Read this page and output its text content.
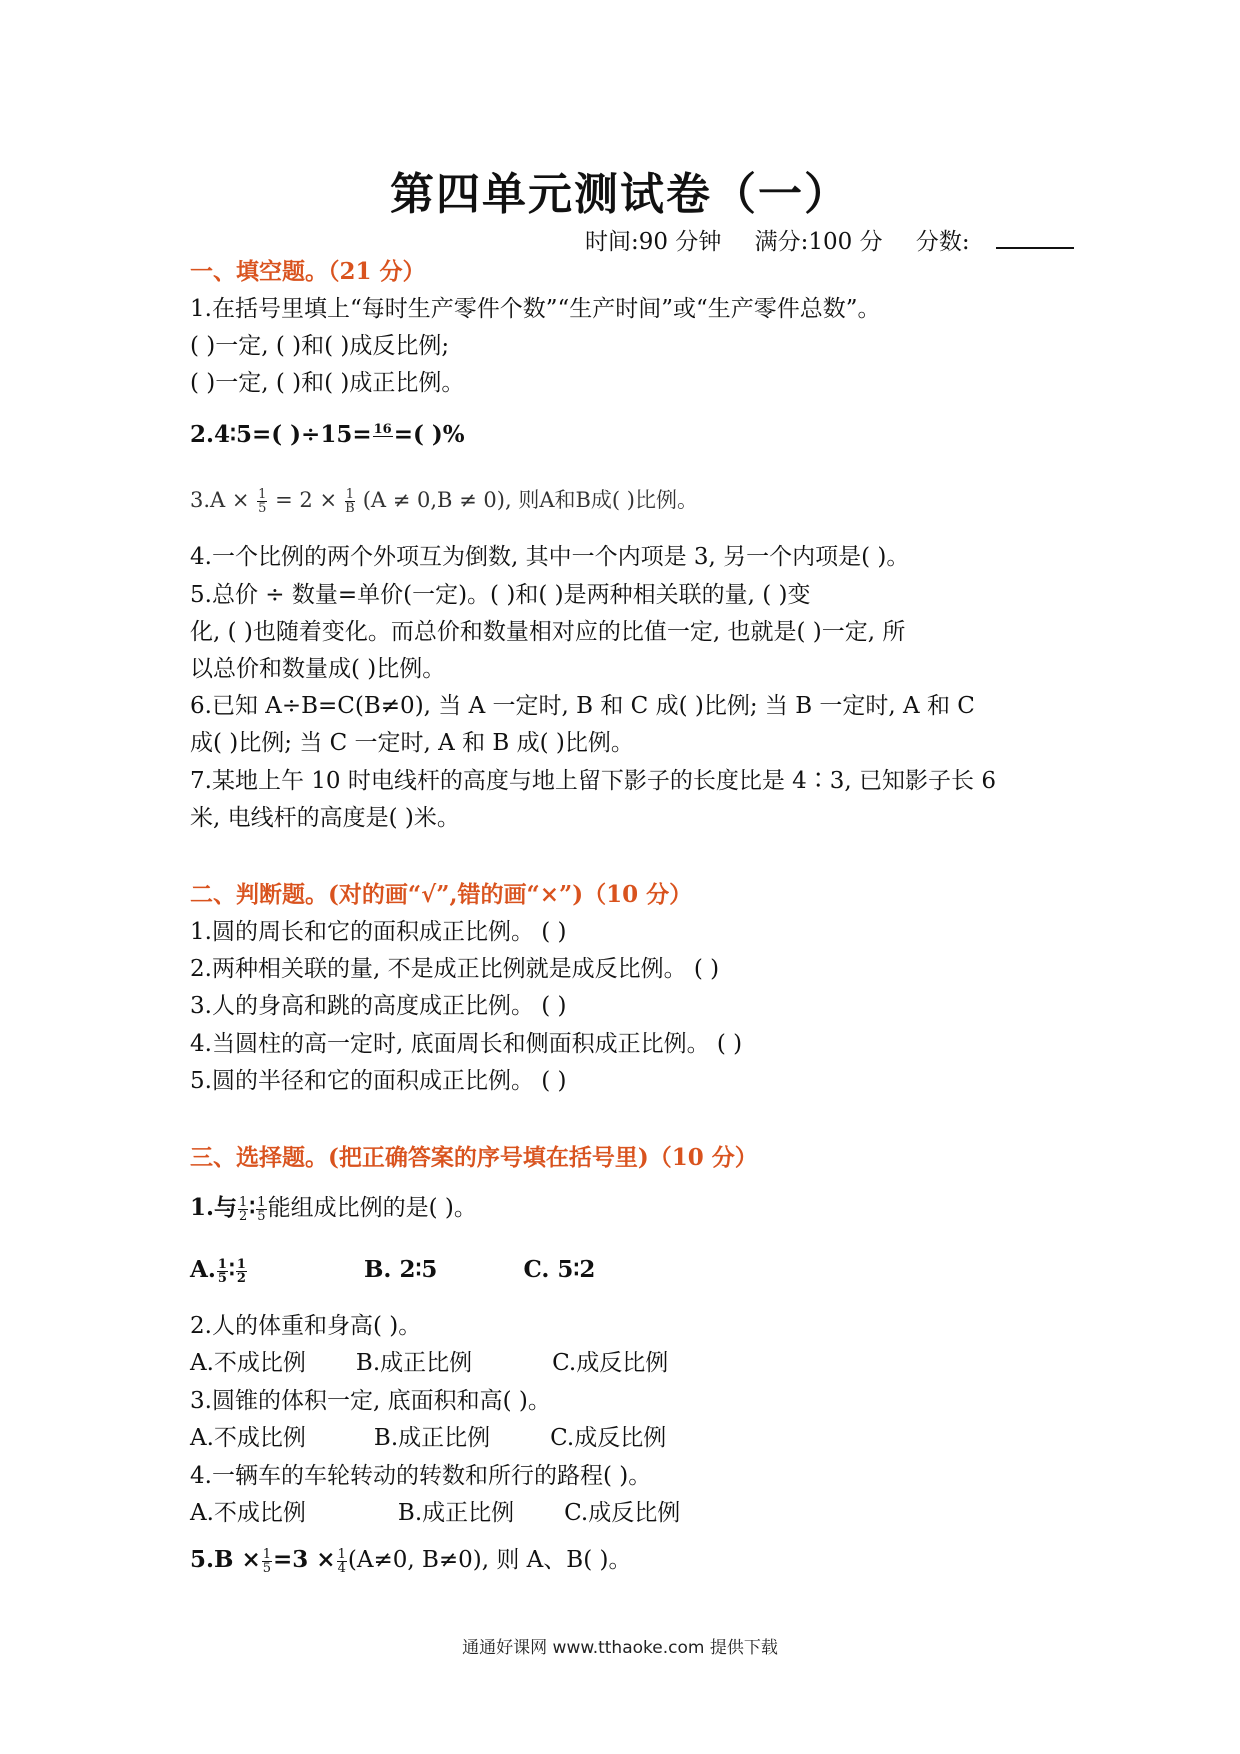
第四单元测试卷（一）
时间:90 分钟 满分:100 分 分数:
一、填空题。（21 分）
1.在括号里填上“每时生产零件个数”“生产时间”或“生产零件总数”。
( )一定, ( )和( )成反比例;
( )一定, ( )和( )成正比例。
2.4∶5=( )÷15= 16
=( )%
$3.A \times \frac{1}{5} = 2 \times \frac{1}{B} (A \ne 0,B \ne 0)$, 则A和B成( )比例。
4.一个比例的两个外项互为倒数, 其中一个内项是 3, 另一个内项是( )。
5.总价 ÷ 数量=单价(一定)。( )和( )是两种相关联的量, ( )变
化, ( )也随着变化。而总价和数量相对应的比值一定, 也就是( )一定, 所
以总价和数量成( )比例。
6.已知 A÷B=C(B≠0), 当 A 一定时, B 和 C 成( )比例; 当 B 一定时, A 和 C
成( )比例; 当 C 一定时, A 和 B 成( )比例。
7.某地上午 10 时电线杆的高度与地上留下影子的长度比是 4∶3, 已知影子长 6
米, 电线杆的高度是( )米。
二、判断题。(对的画“√”,错的画“×”)（10 分）
1.圆的周长和它的面积成正比例。 ( )
2.两种相关联的量, 不是成正比例就是成反比例。 ( )
3.人的身高和跳的高度成正比例。 ( )
4.当圆柱的高一定时, 底面周长和侧面积成正比例。 ( )
5.圆的半径和它的面积成正比例。 ( )
三、选择题。(把正确答案的序号填在括号里)（10 分）
1.与 $\frac{1}{2}$ ∶ $\frac{1}{5}$ 能组成比例的是( )。
A. $\frac{1}{5}$ ∶ $\frac{1}{2}$	B. 2∶5	C. 5∶2
2.人的体重和身高( )。
A.不成比例 B.成正比例	C.成反比例
3.圆锥的体积一定, 底面积和高( )。
A.不成比例	B.成正比例	C.成反比例
4.一辆车的车轮转动的转数和所行的路程( )。
A.不成比例	B.成正比例 C.成反比例
$5.B \times \frac{1}{5} =3 \times \frac{1}{4} (A\ne 0$, B≠0), 则 A、B( )。
通通好课网 www.tthaoke.com 提供下载
